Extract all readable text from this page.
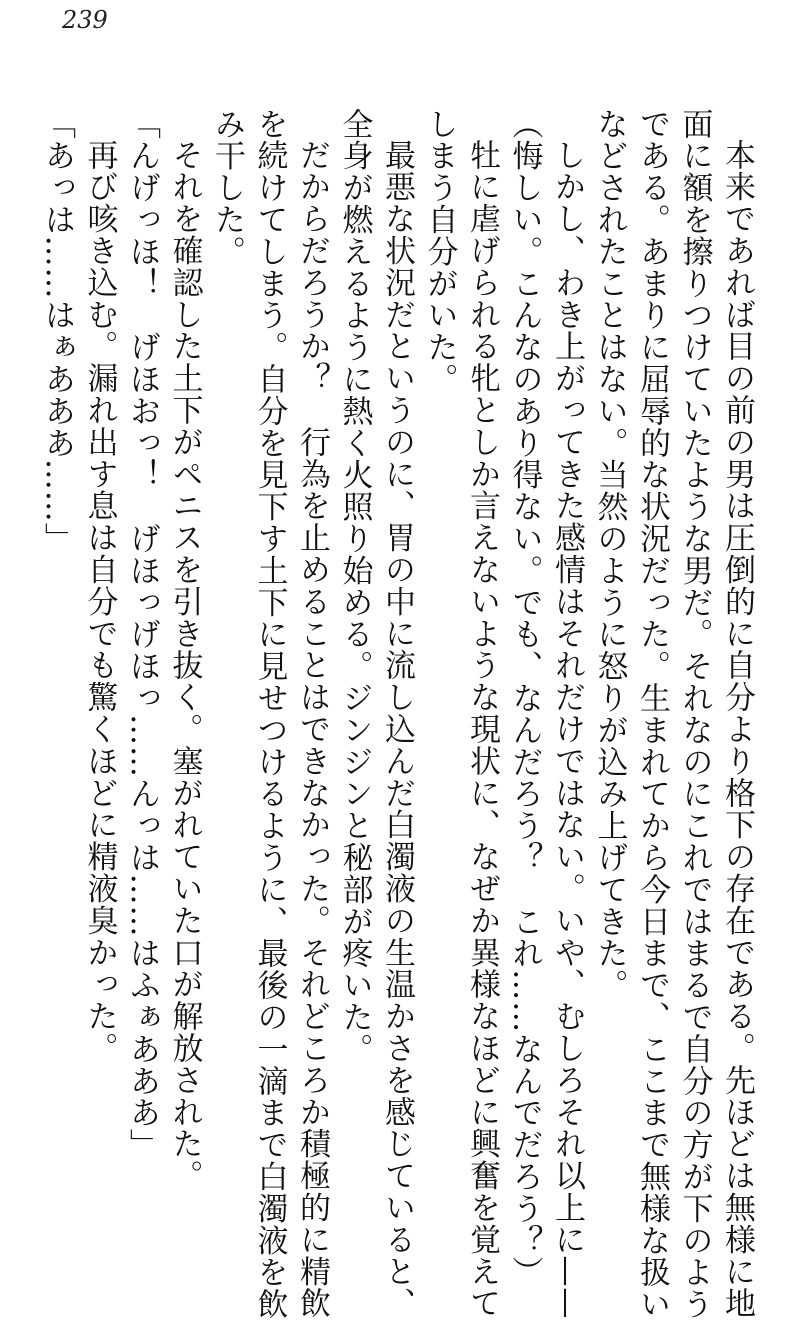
239

本来であれば目の前の男は圧倒的に自分より格下の存在である。先ほどは無様に地

面に額を擦りつけていたような男だ。それなのにこれではまるで自分の方が下のよう

である。あまりに屈辱的な状況だった。生まれてから今日まで、ここまで無様な扱い

などされたことはない。当然のように怒りが込み上げてきた。

しかし、わき上がってきた感情はそれだけではない。いや、むしろそれ以上に——

（悔しい。こんなのあり得ない。でも、なんだろう？　これ……なんでだろう？）

牡に虐げられる牝としか言えないような現状に、なぜか異様なほどに興奮を覚えて

しまう自分がいた。

最悪な状況だというのに、胃の中に流し込んだ白濁液の生温かさを感じていると、

全身が燃えるように熱く火照り始める。ジンジンと秘部が疼いた。

だからだろうか？　行為を止めることはできなかった。それどころか積極的に精飲

を続けてしまう。自分を見下す土下に見せつけるように、最後の一滴まで白濁液を飲

み干した。

それを確認した土下がペニスを引き抜く。塞がれていた口が解放された。

「んげっほ！　げほおっ！　げほっげほっ……んっは……はふぁあああ」

再び咳き込む。漏れ出す息は自分でも驚くほどに精液臭かった。

「あっは……はぁあああ……」
